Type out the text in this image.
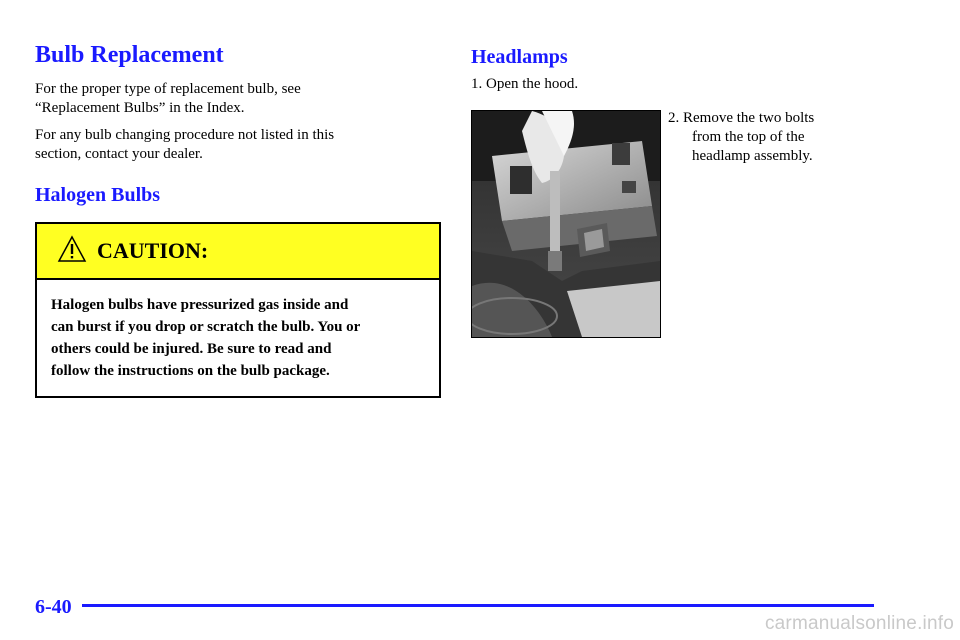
Bulb Replacement

For the proper type of replacement bulb, see
“Replacement Bulbs” in the Index.

For any bulb changing procedure not listed in this
section, contact your dealer.

Halogen Bulbs
CAUTION:
Halogen bulbs have pressurized gas inside and
can burst if you drop or scratch the bulb. You or
others could be injured. Be sure to read and
follow the instructions on the bulb package.
Headlamps

1. Open the hood.

2. Remove the two bolts
from the top of the
headlamp assembly.

6-40
carmanualsonline.info
